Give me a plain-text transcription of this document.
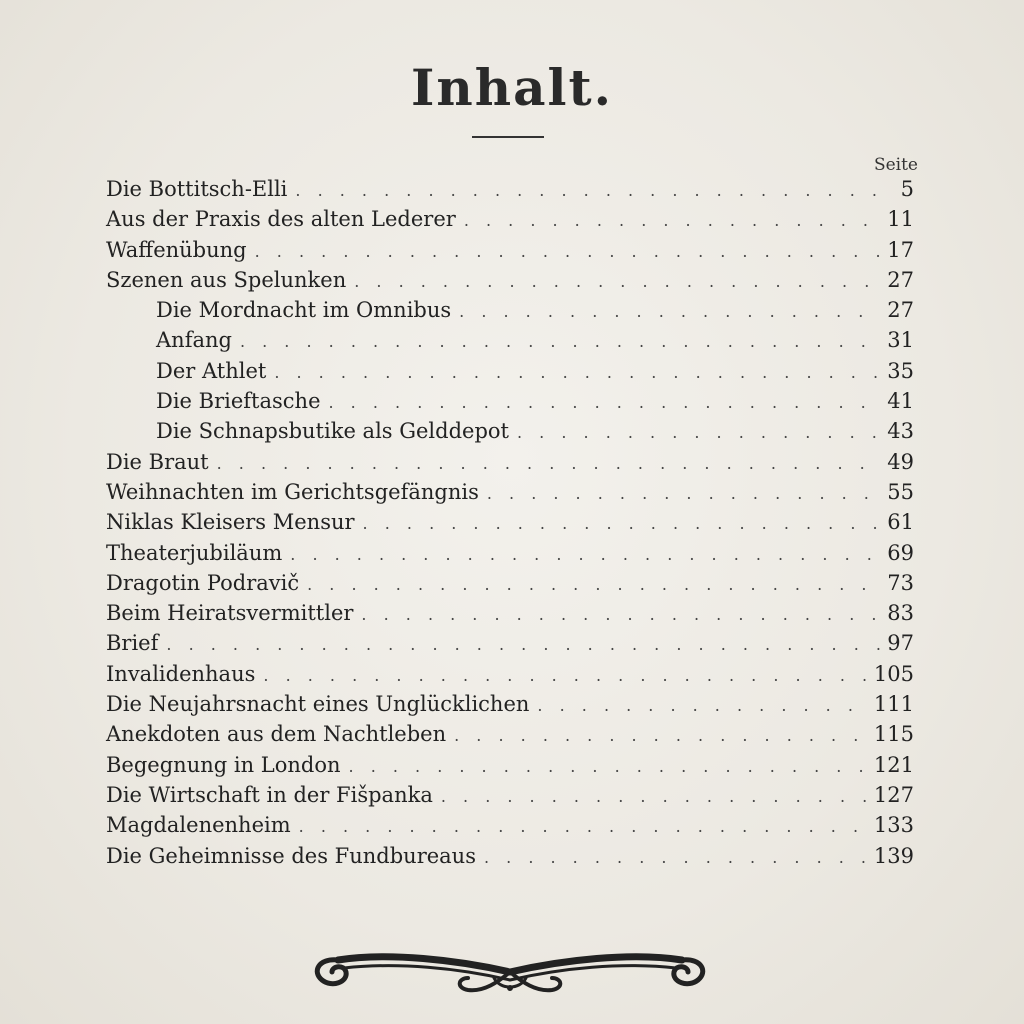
Inhalt.
Seite
Die Bottitsch-Elli . . .	5
Aus der Praxis des alten Lederer . . .	11
Waffenübung . . .	17
Szenen aus Spelunken . . .	27
Die Mordnacht im Omnibus . . .	27
Anfang . . .	31
Der Athlet . . .	35
Die Brieftasche . . .	41
Die Schnapsbutike als Gelddepot . . .	43
Die Braut . . .	49
Weihnachten im Gerichtsgefängnis . . .	55
Niklas Kleisers Mensur . . .	61
Theaterjubiläum . . .	69
Dragotin Podravič . . .	73
Beim Heiratsvermittler . . .	83
Brief . . .	97
Invalidenhaus . . .	105
Die Neujahrsnacht eines Unglücklichen . . .	111
Anekdoten aus dem Nachtleben . . .	115
Begegnung in London . . .	121
Die Wirtschaft in der Fišpanka . . .	127
Magdalenenheim . . .	133
Die Geheimnisse des Fundbureaus . . .	139
